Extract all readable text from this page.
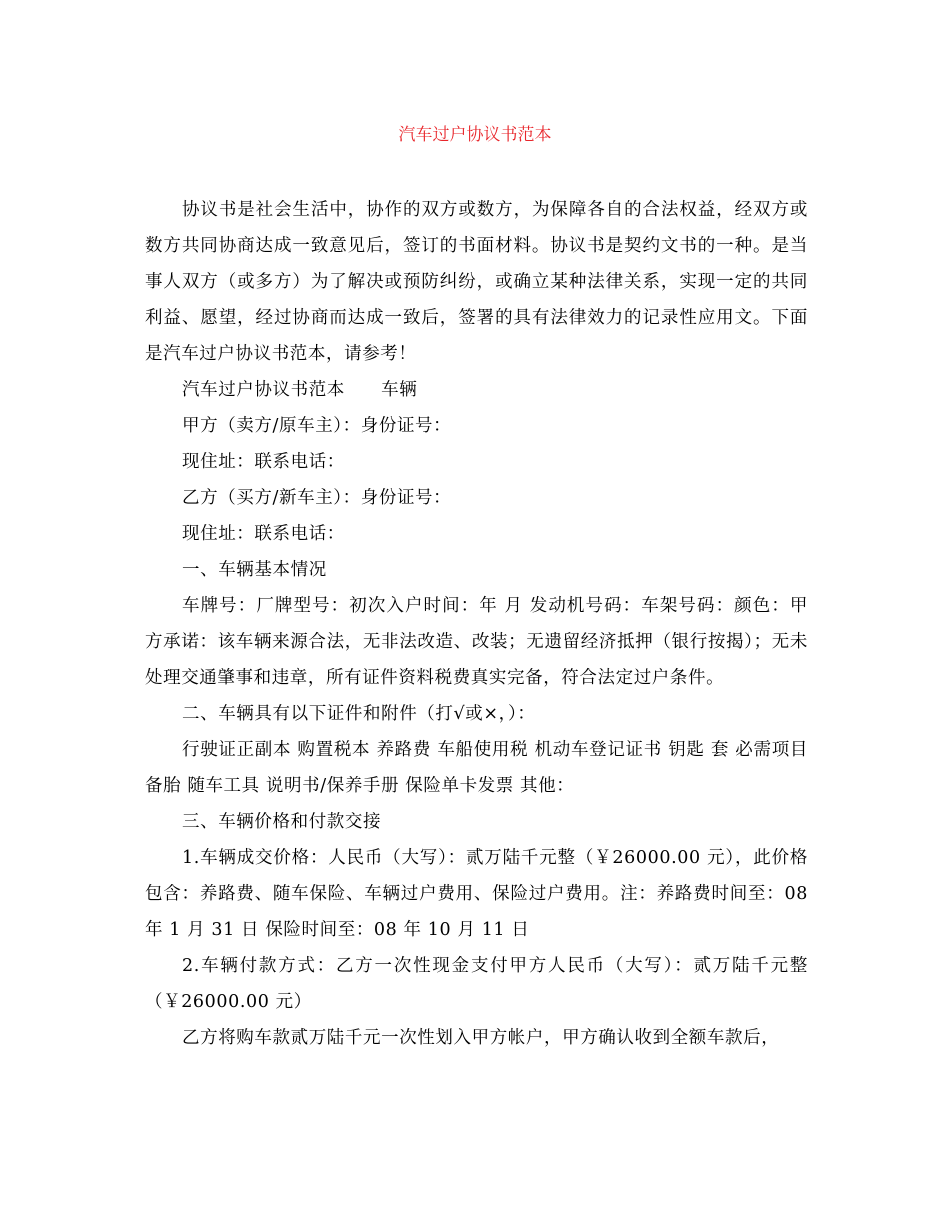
汽车过户协议书范本

协议书是社会生活中，协作的双方或数方，为保障各自的合法权益，经双方或数方共同协商达成一致意见后，签订的书面材料。协议书是契约文书的一种。是当事人双方（或多方）为了解决或预防纠纷，或确立某种法律关系，实现一定的共同利益、愿望，经过协商而达成一致后，签署的具有法律效力的记录性应用文。下面是汽车过户协议书范本，请参考！

汽车过户协议书范本　　车辆

甲方（卖方/原车主）：身份证号：

现住址：联系电话：

乙方（买方/新车主）：身份证号：

现住址：联系电话：

一、车辆基本情况

车牌号：厂牌型号：初次入户时间：年 月 发动机号码：车架号码：颜色：甲方承诺：该车辆来源合法，无非法改造、改装；无遗留经济抵押（银行按揭）；无未处理交通肇事和违章，所有证件资料税费真实完备，符合法定过户条件。

二、车辆具有以下证件和附件（打√或×，）：

行驶证正副本 购置税本 养路费 车船使用税 机动车登记证书 钥匙 套 必需项目 备胎 随车工具 说明书/保养手册 保险单卡发票 其他：

三、车辆价格和付款交接

1.车辆成交价格：人民币（大写）：贰万陆千元整（￥26000.00 元），此价格包含：养路费、随车保险、车辆过户费用、保险过户费用。注：养路费时间至：08 年 1 月 31 日 保险时间至：08 年 10 月 11 日

2.车辆付款方式：乙方一次性现金支付甲方人民币（大写）：贰万陆千元整（￥26000.00 元）

乙方将购车款贰万陆千元一次性划入甲方帐户，甲方确认收到全额车款后，
